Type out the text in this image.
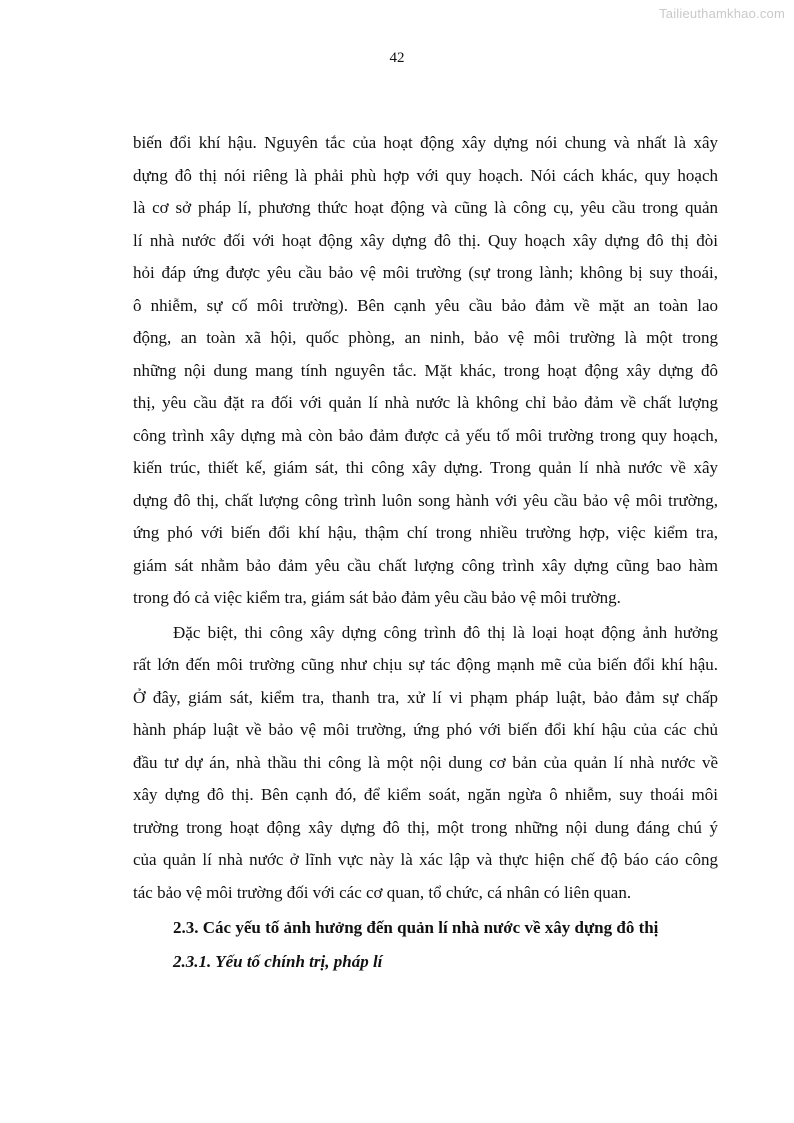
Tailieuthamkhao.com
42
biến đổi khí hậu. Nguyên tắc của hoạt động xây dựng nói chung và nhất là xây
dựng đô thị nói riêng là phải phù hợp với quy hoạch. Nói cách khác, quy hoạch
là cơ sở pháp lí, phương thức hoạt động và cũng là công cụ, yêu cầu trong quản
lí nhà nước đối với hoạt động xây dựng đô thị. Quy hoạch xây dựng đô thị đòi
hỏi đáp ứng được yêu cầu bảo vệ môi trường (sự trong lành; không bị suy thoái,
ô nhiễm, sự cố môi trường). Bên cạnh yêu cầu bảo đảm về mặt an toàn lao
động, an toàn xã hội, quốc phòng, an ninh, bảo vệ môi trường là một trong
những nội dung mang tính nguyên tắc. Mặt khác, trong hoạt động xây dựng đô
thị, yêu cầu đặt ra đối với quản lí nhà nước là không chỉ bảo đảm về chất lượng
công trình xây dựng mà còn bảo đảm được cả yếu tố môi trường trong quy hoạch,
kiến trúc, thiết kế, giám sát, thi công xây dựng. Trong quản lí nhà nước về xây
dựng đô thị, chất lượng công trình luôn song hành với yêu cầu bảo vệ môi trường,
ứng phó với biến đổi khí hậu, thậm chí trong nhiều trường hợp, việc kiểm tra,
giám sát nhằm bảo đảm yêu cầu chất lượng công trình xây dựng cũng bao hàm
trong đó cả việc kiểm tra, giám sát bảo đảm yêu cầu bảo vệ môi trường.
Đặc biệt, thi công xây dựng công trình đô thị là loại hoạt động ảnh hưởng
rất lớn đến môi trường cũng như chịu sự tác động mạnh mẽ của biến đổi khí hậu.
Ở đây, giám sát, kiểm tra, thanh tra, xử lí vi phạm pháp luật, bảo đảm sự chấp
hành pháp luật về bảo vệ môi trường, ứng phó với biến đổi khí hậu của các chủ
đầu tư dự án, nhà thầu thi công là một nội dung cơ bản của quản lí nhà nước về
xây dựng đô thị. Bên cạnh đó, để kiểm soát, ngăn ngừa ô nhiễm, suy thoái môi
trường trong hoạt động xây dựng đô thị, một trong những nội dung đáng chú ý
của quản lí nhà nước ở lĩnh vực này là xác lập và thực hiện chế độ báo cáo công
tác bảo vệ môi trường đối với các cơ quan, tổ chức, cá nhân có liên quan.
2.3. Các yếu tố ảnh hưởng đến quản lí nhà nước về xây dựng đô thị
2.3.1. Yếu tố chính trị, pháp lí
